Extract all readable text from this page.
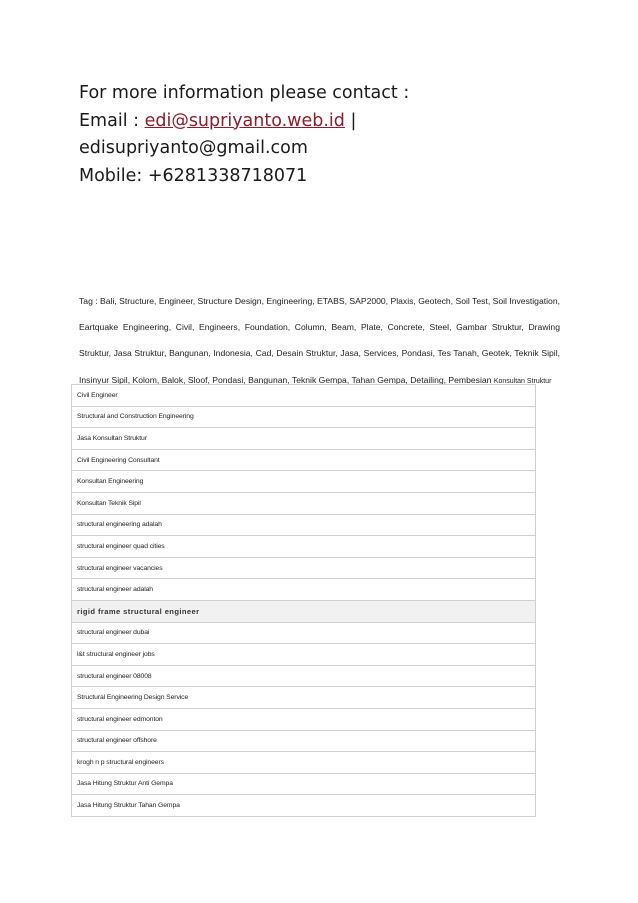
For more information please contact :
Email : edi@supriyanto.web.id |
edisupriyanto@gmail.com
Mobile: +6281338718071
Tag : Bali, Structure, Engineer, Structure Design, Engineering, ETABS, SAP2000, Plaxis, Geotech, Soil Test, Soil Investigation, Eartquake Engineering, Civil, Engineers, Foundation, Column, Beam, Plate, Concrete, Steel, Gambar Struktur, Drawing Struktur, Jasa Struktur, Bangunan, Indonesia, Cad, Desain Struktur, Jasa, Services, Pondasi, Tes Tanah, Geotek, Teknik Sipil, Insinyur Sipil, Kolom, Balok, Sloof, Pondasi, Bangunan, Teknik Gempa, Tahan Gempa, Detailing, Pembesian Konsultan Struktur
Civil Engineer
Structural and Construction Engineering
Jasa Konsultan Struktur
Civil Engineering Consultant
Konsultan Engineering
Konsultan Teknik Sipil
structural engineering adalah
structural engineer quad cities
structural engineer vacancies
structural engineer adalah
rigid frame structural engineer
structural engineer dubai
l&t structural engineer jobs
structural engineer 08008
Structural Engineering Design Service
structural engineer edmonton
structural engineer offshore
krogh n p structural engineers
Jasa Hitung Struktur Anti Gempa
Jasa Hitung Struktur Tahan Gempa
